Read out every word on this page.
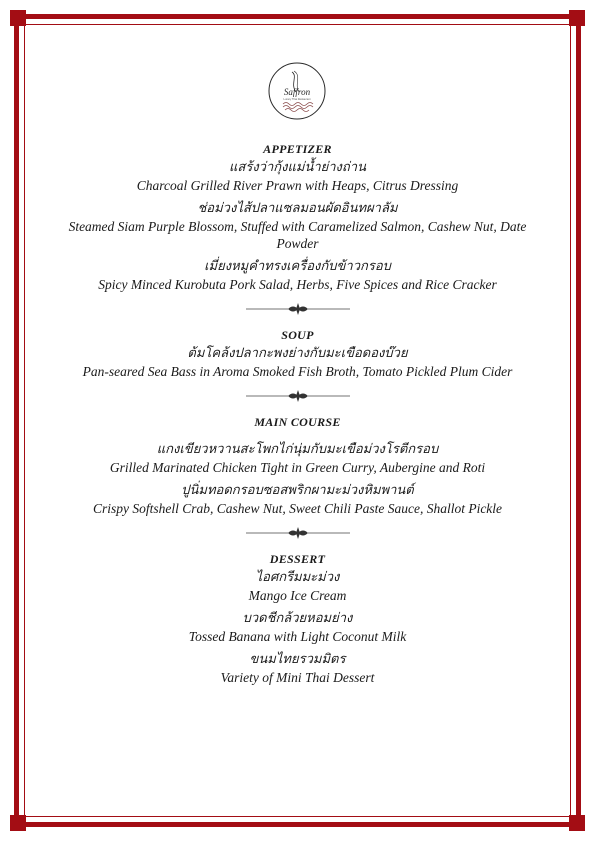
Saffron
Luxury Thai Restaurant

APPETIZER

แสร้งว่ากุ้งแม่น้ำย่างถ่าน

Charcoal Grilled River Prawn with Heaps, Citrus Dressing

ช่อม่วงไส้ปลาแซลมอนผัดอินทผาลัม

Steamed Siam Purple Blossom, Stuffed with Caramelized Salmon, Cashew Nut, Date Powder

เมี่ยงหมูคำทรงเครื่องกับข้าวกรอบ

Spicy Minced Kurobuta Pork Salad, Herbs, Five Spices and Rice Cracker

SOUP

ต้มโคล้งปลากะพงย่างกับมะเขือดองบ๊วย

Pan-seared Sea Bass in Aroma Smoked Fish Broth, Tomato Pickled Plum Cider

MAIN COURSE

แกงเขียวหวานสะโพกไก่นุ่มกับมะเขือม่วงโรตีกรอบ

Grilled Marinated Chicken Tight in Green Curry, Aubergine and Roti

ปูนิ่มทอดกรอบซอสพริกผามะม่วงหิมพานต์

Crispy Softshell Crab, Cashew Nut, Sweet Chili Paste Sauce, Shallot Pickle

DESSERT

ไอศกรีมมะม่วง

Mango Ice Cream

บวดชีกล้วยหอมย่าง

Tossed Banana with Light Coconut Milk

ขนมไทยรวมมิตร

Variety of Mini Thai Dessert
